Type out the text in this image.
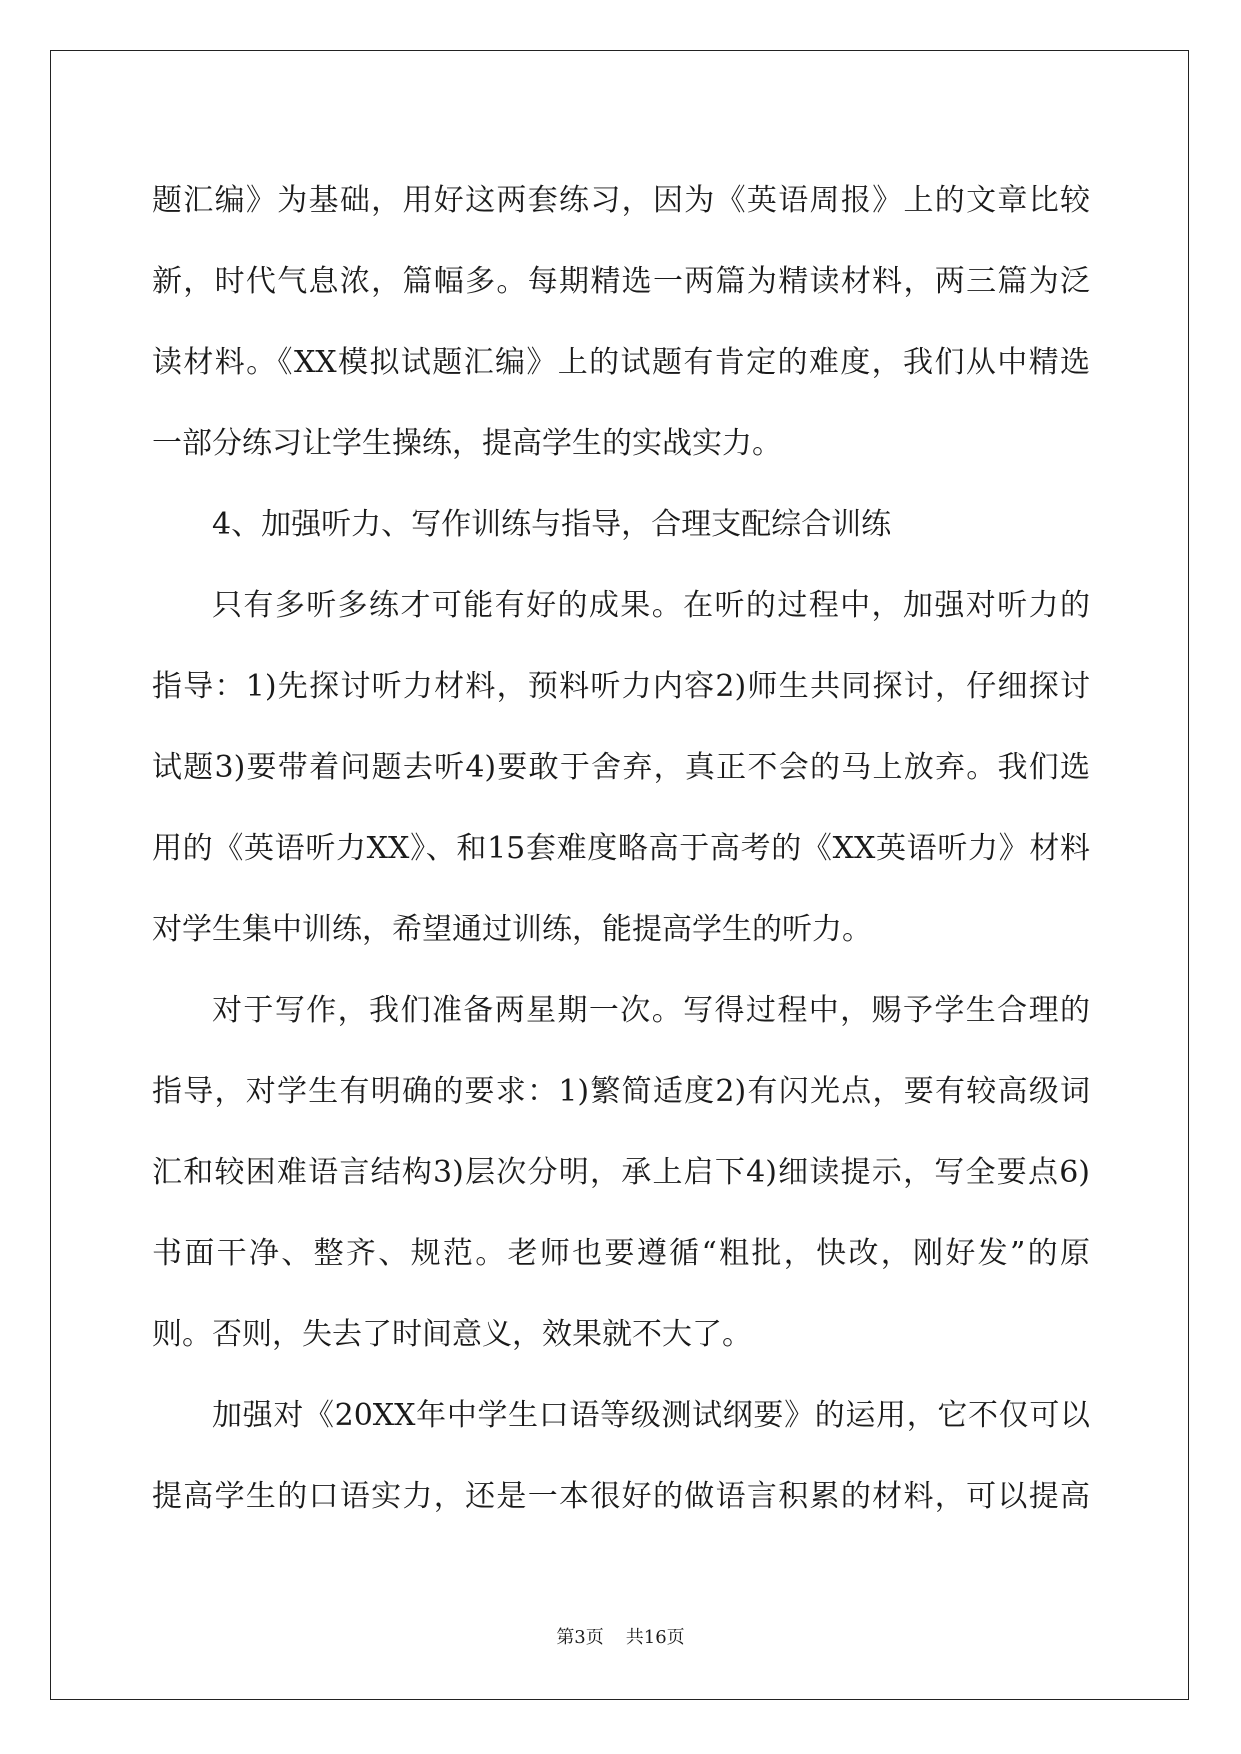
题汇编》为基础，用好这两套练习，因为《英语周报》上的文章比较
新，时代气息浓，篇幅多。每期精选一两篇为精读材料，两三篇为泛
读材料。《XX模拟试题汇编》上的试题有肯定的难度，我们从中精选
一部分练习让学生操练，提高学生的实战实力。
4、加强听力、写作训练与指导，合理支配综合训练
只有多听多练才可能有好的成果。在听的过程中，加强对听力的
指导：1)先探讨听力材料，预料听力内容2)师生共同探讨，仔细探讨
试题3)要带着问题去听4)要敢于舍弃，真正不会的马上放弃。我们选
用的《英语听力XX》、和15套难度略高于高考的《XX英语听力》材料
对学生集中训练，希望通过训练，能提高学生的听力。
对于写作，我们准备两星期一次。写得过程中，赐予学生合理的
指导，对学生有明确的要求：1)繁简适度2)有闪光点，要有较高级词
汇和较困难语言结构3)层次分明，承上启下4)细读提示，写全要点6)
书面干净、整齐、规范。老师也要遵循“粗批，快改，刚好发”的原
则。否则，失去了时间意义，效果就不大了。
加强对《20XX年中学生口语等级测试纲要》的运用，它不仅可以
提高学生的口语实力，还是一本很好的做语言积累的材料，可以提高
第3页 共16页
